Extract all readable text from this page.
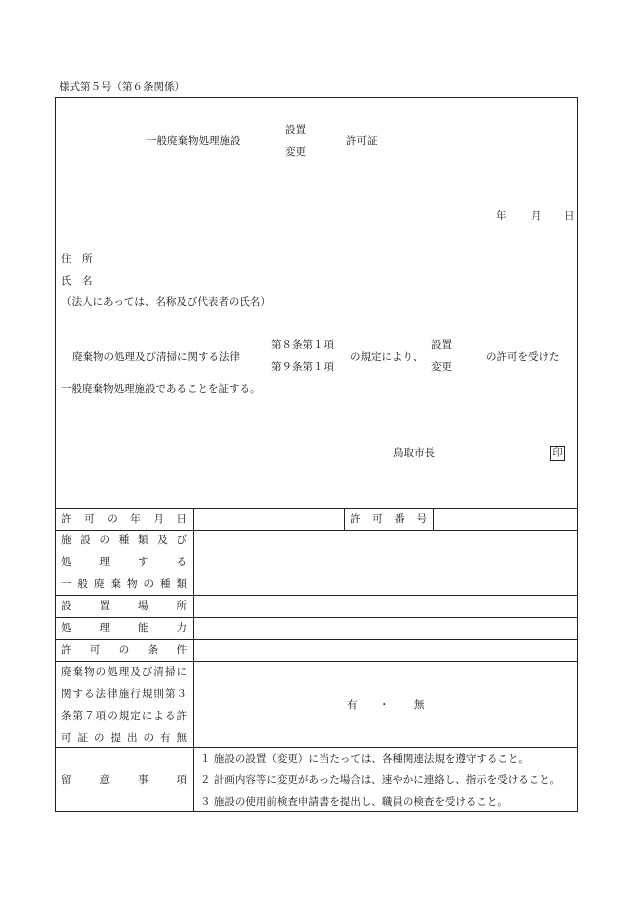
様式第５号（第６条関係）
一般廃棄物処理施設
設置
変更
許可証
年 月 日
住　所
氏　名
（法人にあっては、名称及び代表者の氏名）
廃棄物の処理及び清掃に関する法律
第８条第１項
第９条第１項
の規定により、
設置
変更
の許可を受けた
一般廃棄物処理施設であることを証する。
鳥取市長	印
許可の年月日	許可番号
施設の種類及び
処理する
一般廃棄物の種類
設置場所
処理能力
許可の条件
廃棄物の処理及び清掃に
関する法律施行規則第３
条第７項の規定による許
可証の提出の有無
有 ・ 無
留意事項
１ 施設の設置（変更）に当たっては、各種関連法規を遵守すること。
２ 計画内容等に変更があった場合は、速やかに連絡し、指示を受けること。
３ 施設の使用前検査申請書を提出し、職員の検査を受けること。
